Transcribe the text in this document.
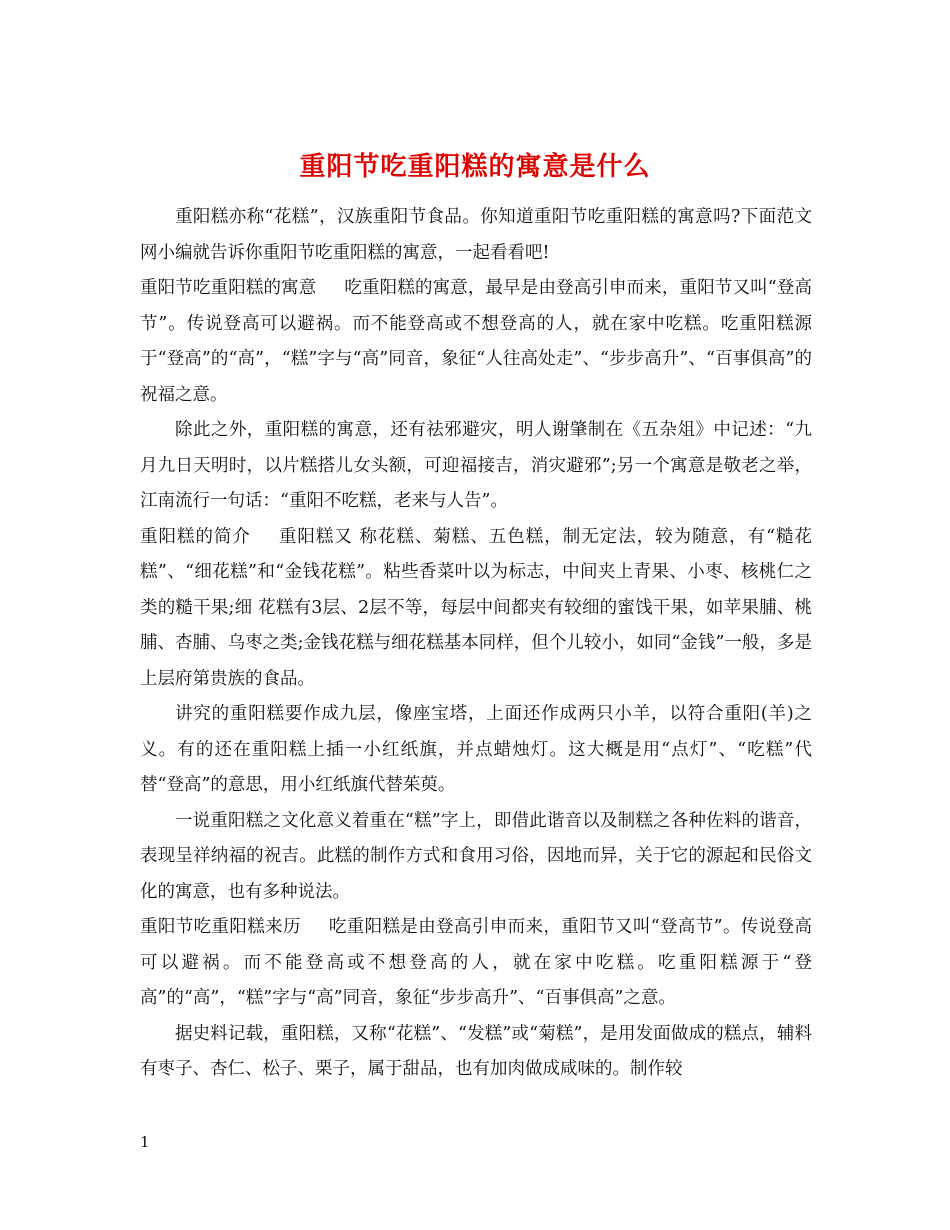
重阳节吃重阳糕的寓意是什么

重阳糕亦称“花糕”，汉族重阳节食品。你知道重阳节吃重阳糕的寓意吗?下面范文网小编就告诉你重阳节吃重阳糕的寓意，一起看看吧!

重阳节吃重阳糕的寓意 吃重阳糕的寓意，最早是由登高引申而来，重阳节又叫“登高节”。传说登高可以避祸。而不能登高或不想登高的人，就在家中吃糕。吃重阳糕源于“登高”的“高”，“糕”字与“高”同音，象征“人往高处走”、“步步高升”、“百事俱高”的祝福之意。

除此之外，重阳糕的寓意，还有祛邪避灾，明人谢肇制在《五杂俎》中记述：“九月九日天明时，以片糕搭儿女头额，可迎福接吉，消灾避邪”;另一个寓意是敬老之举，江南流行一句话：“重阳不吃糕，老来与人告”。

重阳糕的简介 重阳糕又 称花糕、菊糕、五色糕，制无定法，较为随意，有“糙花糕”、“细花糕”和“金钱花糕”。粘些香菜叶以为标志，中间夹上青果、小枣、核桃仁之类的糙干果;细 花糕有3层、2层不等，每层中间都夹有较细的蜜饯干果，如苹果脯、桃脯、杏脯、乌枣之类;金钱花糕与细花糕基本同样，但个儿较小，如同“金钱”一般，多是 上层府第贵族的食品。

讲究的重阳糕要作成九层，像座宝塔，上面还作成两只小羊，以符合重阳(羊)之义。有的还在重阳糕上插一小红纸旗，并点蜡烛灯。这大概是用“点灯”、“吃糕”代替“登高”的意思，用小红纸旗代替茱萸。

一说重阳糕之文化意义着重在“糕”字上，即借此谐音以及制糕之各种佐料的谐音，表现呈祥纳福的祝吉。此糕的制作方式和食用习俗，因地而异，关于它的源起和民俗文化的寓意，也有多种说法。

重阳节吃重阳糕来历 吃重阳糕是由登高引申而来，重阳节又叫“登高节”。传说登高可以避祸。而不能登高或不想登高的人，就在家中吃糕。吃重阳糕源于“登高”的“高”，“糕”字与“高”同音，象征“步步高升”、“百事俱高”之意。

据史料记载，重阳糕，又称“花糕”、“发糕”或“菊糕”，是用发面做成的糕点，辅料有枣子、杏仁、松子、栗子，属于甜品，也有加肉做成咸味的。制作较

1
